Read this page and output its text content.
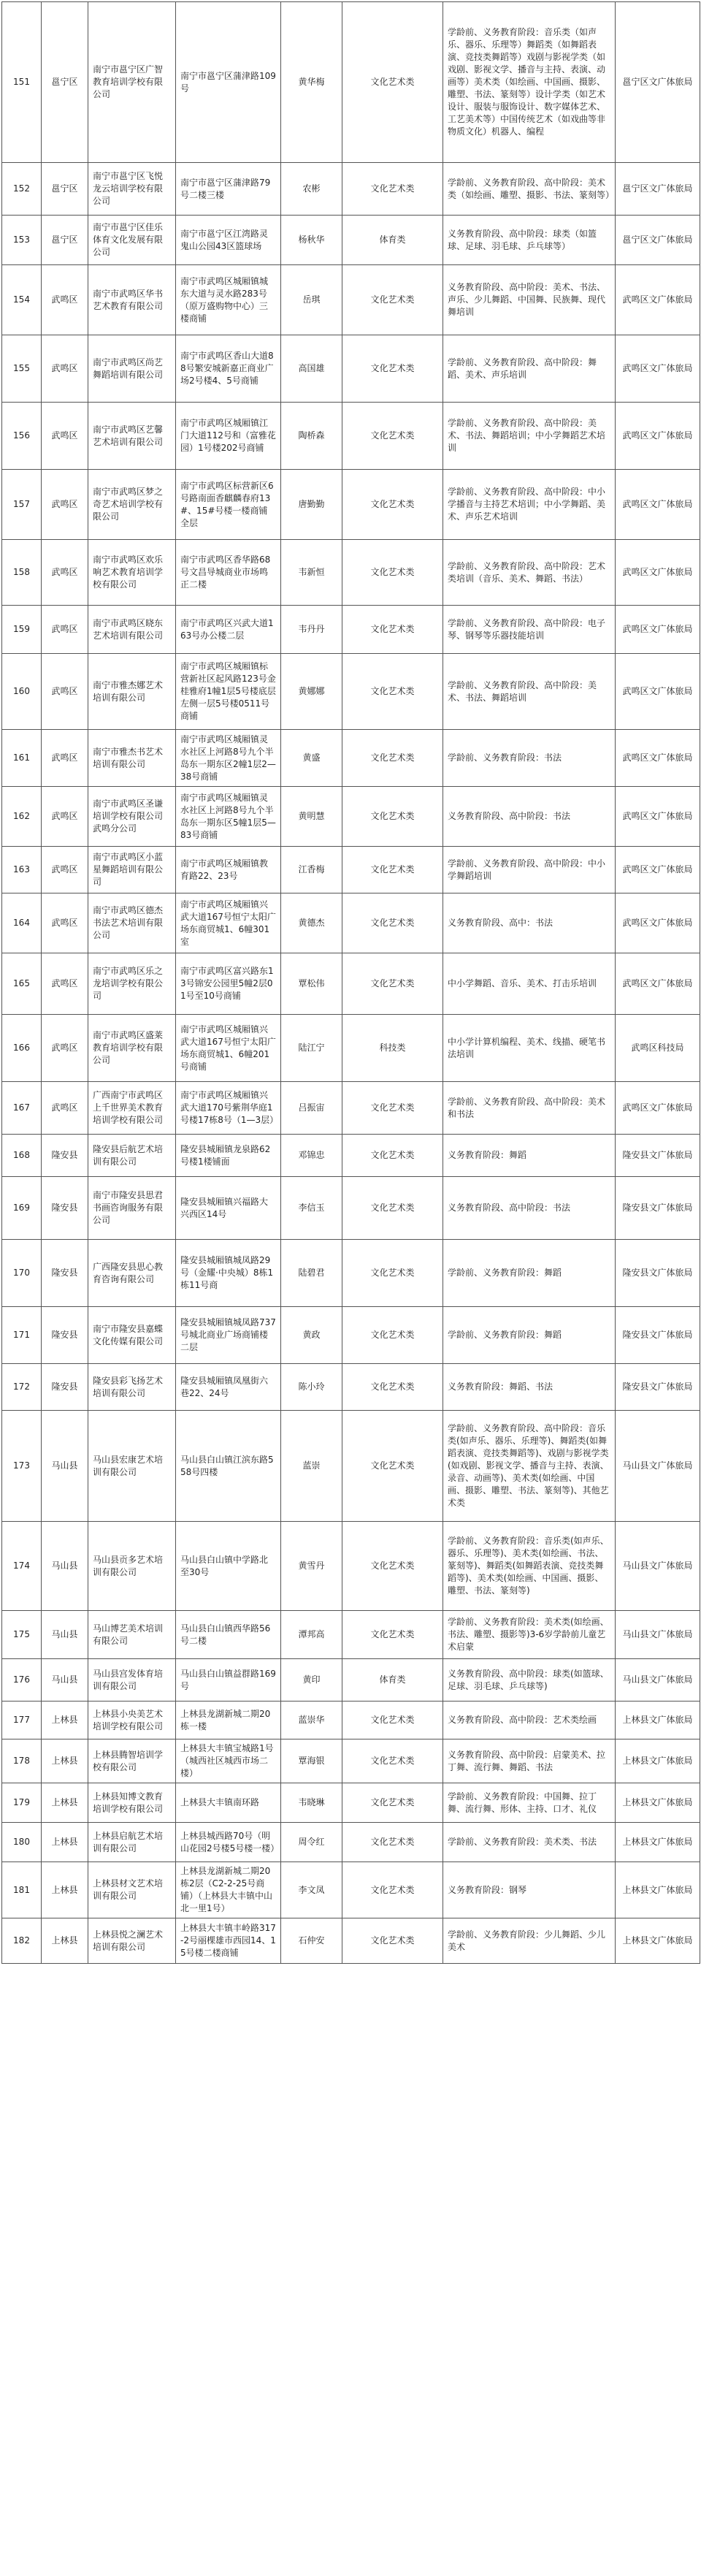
151	邕宁区	南宁市邕宁区广智教育培训学校有限公司	南宁市邕宁区蒲津路109号	黄华梅	文化艺术类	学龄前、义务教育阶段：音乐类（如声乐、器乐、乐理等）舞蹈类（如舞蹈表演、竞技类舞蹈等）戏剧与影视学类（如戏剧、影视文学、播音与主持、表演、动画等）美术类（如绘画、中国画、摄影、雕塑、书法、篆刻等）设计学类（如艺术设计、服装与服饰设计、数字媒体艺术、工艺美术等）中国传统艺术（如戏曲等非物质文化）机器人、编程	邕宁区文广体旅局
152	邕宁区	南宁市邕宁区飞悦龙云培训学校有限公司	南宁市邕宁区蒲津路79号二楼三楼	农彬	文化艺术类	学龄前、义务教育阶段、高中阶段：美术类（如绘画、雕塑、摄影、书法、篆刻等）	邕宁区文广体旅局
153	邕宁区	南宁市邕宁区佳乐体育文化发展有限公司	南宁市邕宁区江湾路灵鬼山公园43区篮球场	杨秋华	体育类	义务教育阶段、高中阶段：球类（如篮球、足球、羽毛球、乒乓球等）	邕宁区文广体旅局
154	武鸣区	南宁市武鸣区华书艺术教育有限公司	南宁市武鸣区城厢镇城东大道与灵水路283号（原万盛购物中心）三楼商铺	岳琪	文化艺术类	义务教育阶段、高中阶段：美术、书法、声乐、少儿舞蹈、中国舞、民族舞、现代舞培训	武鸣区文广体旅局
155	武鸣区	南宁市武鸣区尚艺舞蹈培训有限公司	南宁市武鸣区香山大道88号繁安城新嘉正商业广场2号楼4、5号商铺	高国雄	文化艺术类	学龄前、义务教育阶段、高中阶段：舞蹈、美术、声乐培训	武鸣区文广体旅局
156	武鸣区	南宁市武鸣区艺馨艺术培训有限公司	南宁市武鸣区城厢镇江门大道112号和（富雅花园）1号楼202号商铺	陶桥森	文化艺术类	学龄前、义务教育阶段、高中阶段：美术、书法、舞蹈培训；中小学舞蹈艺术培训	武鸣区文广体旅局
157	武鸣区	南宁市武鸣区梦之奇艺术培训学校有限公司	南宁市武鸣区标营新区6号路南面香麒麟春府13#、15#号楼一楼商铺全层	唐勤勤	文化艺术类	学龄前、义务教育阶段、高中阶段：中小学播音与主持艺术培训；中小学舞蹈、美术、声乐艺术培训	武鸣区文广体旅局
158	武鸣区	南宁市武鸣区欢乐响艺术教育培训学校有限公司	南宁市武鸣区香华路68号文昌导城商业市场鸣正二楼	韦新恒	文化艺术类	学龄前、义务教育阶段、高中阶段：艺术类培训（音乐、美术、舞蹈、书法）	武鸣区文广体旅局
159	武鸣区	南宁市武鸣区晓东艺术培训有限公司	南宁市武鸣区兴武大道163号办公楼二层	韦丹丹	文化艺术类	学龄前、义务教育阶段、高中阶段：电子琴、钢琴等乐器技能培训	武鸣区文广体旅局
160	武鸣区	南宁市雅杰娜艺术培训有限公司	南宁市武鸣区城厢镇标营新社区起风路123号金桂雅府1幢1层5号楼底层左侧一层5号楼0511号商铺	黄娜娜	文化艺术类	学龄前、义务教育阶段、高中阶段：美术、书法、舞蹈培训	武鸣区文广体旅局
161	武鸣区	南宁市雅杰书艺术培训有限公司	南宁市武鸣区城厢镇灵水社区上河路8号九个半岛东一期东区2幢1层2—38号商铺	黄盛	文化艺术类	学龄前、义务教育阶段：书法	武鸣区文广体旅局
162	武鸣区	南宁市武鸣区圣谦培训学校有限公司武鸣分公司	南宁市武鸣区城厢镇灵水社区上河路8号九个半岛东一期东区5幢1层5—83号商铺	黄明慧	文化艺术类	义务教育阶段、高中阶段：书法	武鸣区文广体旅局
163	武鸣区	南宁市武鸣区小蓝星舞蹈培训有限公司	南宁市武鸣区城厢镇教育路22、23号	江香梅	文化艺术类	学龄前、义务教育阶段、高中阶段：中小学舞蹈培训	武鸣区文广体旅局
164	武鸣区	南宁市武鸣区德杰书法艺术培训有限公司	南宁市武鸣区城厢镇兴武大道167号恒宁太阳广场东商贸城1、6幢301室	黄德杰	文化艺术类	义务教育阶段、高中：书法	武鸣区文广体旅局
165	武鸣区	南宁市武鸣区乐之龙培训学校有限公司	南宁市武鸣区富兴路东13号锦安公园里5幢2层01号至10号商铺	覃松伟	文化艺术类	中小学舞蹈、音乐、美术、打击乐培训	武鸣区文广体旅局
166	武鸣区	南宁市武鸣区盛莱教育培训学校有限公司	南宁市武鸣区城厢镇兴武大道167号恒宁太阳广场东商贸城1、6幢201号商铺	陆江宁	科技类	中小学计算机编程、美术、线描、硬笔书法培训	武鸣区科技局
167	武鸣区	广西南宁市武鸣区上千世界美术教育培训学校有限公司	南宁市武鸣区城厢镇兴武大道170号紫荆华庭1号楼17栋8号（1—3层）	吕振宙	文化艺术类	学龄前、义务教育阶段、高中阶段：美术和书法	武鸣区文广体旅局
168	隆安县	隆安县后航艺术培训有限公司	隆安县城厢镇龙泉路62号楼1楼铺面	邓锦忠	文化艺术类	义务教育阶段：舞蹈	隆安县文广体旅局
169	隆安县	南宁市隆安县思君书画咨询服务有限公司	隆安县城厢镇兴福路大兴西区14号	李信玉	文化艺术类	义务教育阶段、高中阶段：书法	隆安县文广体旅局
170	隆安县	广西隆安县思心教育咨询有限公司	隆安县城厢镇城凤路29号（金耀·中央城）8栋1栋11号商	陆碧君	文化艺术类	学龄前、义务教育阶段：舞蹈	隆安县文广体旅局
171	隆安县	南宁市隆安县嘉蝶文化传媒有限公司	隆安县城厢镇城凤路737号城北商业广场商铺楼二层	黄政	文化艺术类	学龄前、义务教育阶段：舞蹈	隆安县文广体旅局
172	隆安县	隆安县彩飞扬艺术培训有限公司	隆安县城厢镇凤凰街六巷22、24号	陈小玲	文化艺术类	义务教育阶段：舞蹈、书法	隆安县文广体旅局
173	马山县	马山县宏康艺术培训有限公司	马山县白山镇江滨东路558号四楼	蓝崇	文化艺术类	学龄前、义务教育阶段、高中阶段：音乐类(如声乐、器乐、乐理等)、舞蹈类(如舞蹈表演、竞技类舞蹈等)、戏剧与影视学类(如戏剧、影视文学、播音与主持、表演、录音、动画等)、美术类(如绘画、中国画、摄影、雕塑、书法、篆刻等)、其他艺术类	马山县文广体旅局
174	马山县	马山县贡多艺术培训有限公司	马山县白山镇中学路北至30号	黄雪丹	文化艺术类	学龄前、义务教育阶段：音乐类(如声乐、器乐、乐理等)、美术类(如绘画、书法、篆刻等)、舞蹈类(如舞蹈表演、竞技类舞蹈等)、美术类(如绘画、中国画、摄影、雕塑、书法、篆刻等)	马山县文广体旅局
175	马山县	马山博艺美术培训有限公司	马山县白山镇西华路56号二楼	潭邦高	文化艺术类	学龄前、义务教育阶段：美术类(如绘画、书法、雕塑、摄影等)3-6岁学龄前儿童艺术启蒙	马山县文广体旅局
176	马山县	马山县宫发体育培训有限公司	马山县白山镇益群路169号	黄印	体育类	义务教育阶段、高中阶段：球类(如篮球、足球、羽毛球、乒乓球等)	马山县文广体旅局
177	上林县	上林县小央美艺术培训学校有限公司	上林县龙湖新城二期20栋一楼	蓝崇华	文化艺术类	义务教育阶段、高中阶段：艺术类绘画	上林县文广体旅局
178	上林县	上林县腾智培训学校有限公司	上林县大丰镇宝城路1号（城西社区城西市场二楼）	覃海银	文化艺术类	义务教育阶段、高中阶段：启蒙美术、拉丁舞、流行舞、舞蹈、书法	上林县文广体旅局
179	上林县	上林县知博文教育培训学校有限公司	上林县大丰镇南环路	韦晓琳	文化艺术类	学龄前、义务教育阶段：中国舞、拉丁舞、流行舞、形体、主持、口才、礼仪	上林县文广体旅局
180	上林县	上林县启航艺术培训有限公司	上林县城西路70号（明山花园2号楼5号楼一楼）	周令红	文化艺术类	学龄前、义务教育阶段：美术类、书法	上林县文广体旅局
181	上林县	上林县材文艺术培训有限公司	上林县龙湖新城二期20栋2层（C2-2-25号商铺）（上林县大丰镇中山北一里1号）	李文凤	文化艺术类	义务教育阶段：钢琴	上林县文广体旅局
182	上林县	上林县悦之澜艺术培训有限公司	上林县大丰镇丰岭路317-2号丽棵雄市西园14、15号楼二楼商铺	石仲安	文化艺术类	学龄前、义务教育阶段：少儿舞蹈、少儿美术	上林县文广体旅局
